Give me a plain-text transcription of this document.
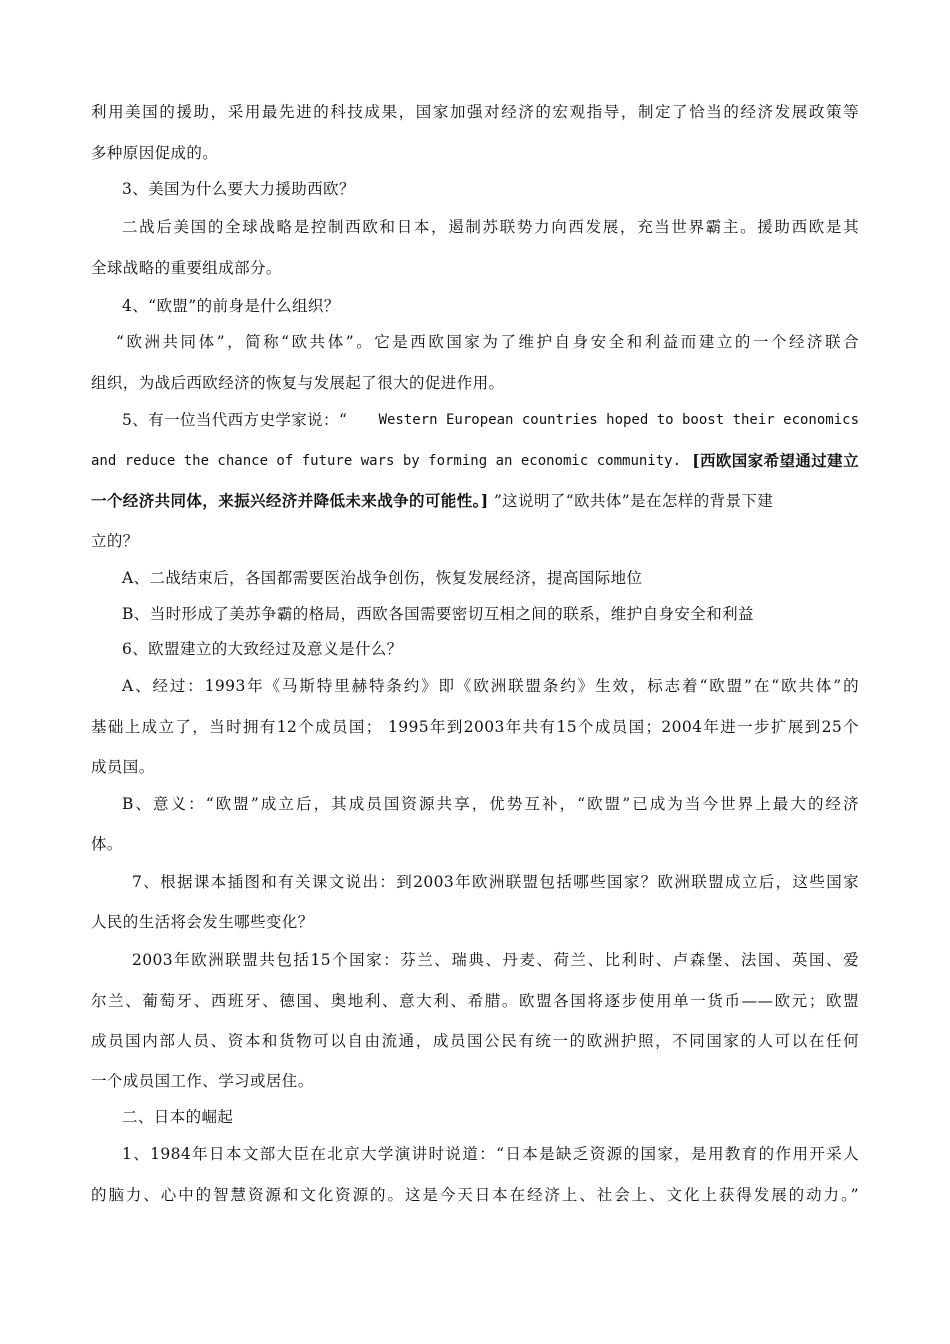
利用美国的援助，采用最先进的科技成果，国家加强对经济的宏观指导，制定了恰当的经济发展政策等
多种原因促成的。
3、美国为什么要大力援助西欧？
二战后美国的全球战略是控制西欧和日本，遏制苏联势力向西发展，充当世界霸主。援助西欧是其
全球战略的重要组成部分。
4、“欧盟”的前身是什么组织？
“欧洲共同体”，简称“欧共体”。它是西欧国家为了维护自身安全和利益而建立的一个经济联合
组织，为战后西欧经济的恢复与发展起了很大的促进作用。
5、有一位当代西方史学家说：“ Western European countries hoped to boost their economics
and reduce the chance of future wars by forming an economic community. [西欧国家希望通过建立
一个经济共同体，来振兴经济并降低未来战争的可能性。] ”这说明了“欧共体”是在怎样的背景下建
立的？
A、二战结束后，各国都需要医治战争创伤，恢复发展经济，提高国际地位
B、当时形成了美苏争霸的格局，西欧各国需要密切互相之间的联系，维护自身安全和利益
6、欧盟建立的大致经过及意义是什么？
A、经过：1993年《马斯特里赫特条约》即《欧洲联盟条约》生效，标志着“欧盟”在“欧共体”的
基础上成立了，当时拥有12个成员国； 1995年到2003年共有15个成员国；2004年进一步扩展到25个
成员国。
B、意义：“欧盟”成立后，其成员国资源共享，优势互补，“欧盟”已成为当今世界上最大的经济
体。
7、根据课本插图和有关课文说出：到2003年欧洲联盟包括哪些国家？欧洲联盟成立后，这些国家
人民的生活将会发生哪些变化？
2003年欧洲联盟共包括15个国家：芬兰、瑞典、丹麦、荷兰、比利时、卢森堡、法国、英国、爱
尔兰、葡萄牙、西班牙、德国、奥地利、意大利、希腊。欧盟各国将逐步使用单一货币——欧元；欧盟
成员国内部人员、资本和货物可以自由流通，成员国公民有统一的欧洲护照，不同国家的人可以在任何
一个成员国工作、学习或居住。
二、日本的崛起
1、1984年日本文部大臣在北京大学演讲时说道：“日本是缺乏资源的国家，是用教育的作用开采人
的脑力、心中的智慧资源和文化资源的。这是今天日本在经济上、社会上、文化上获得发展的动力。”
